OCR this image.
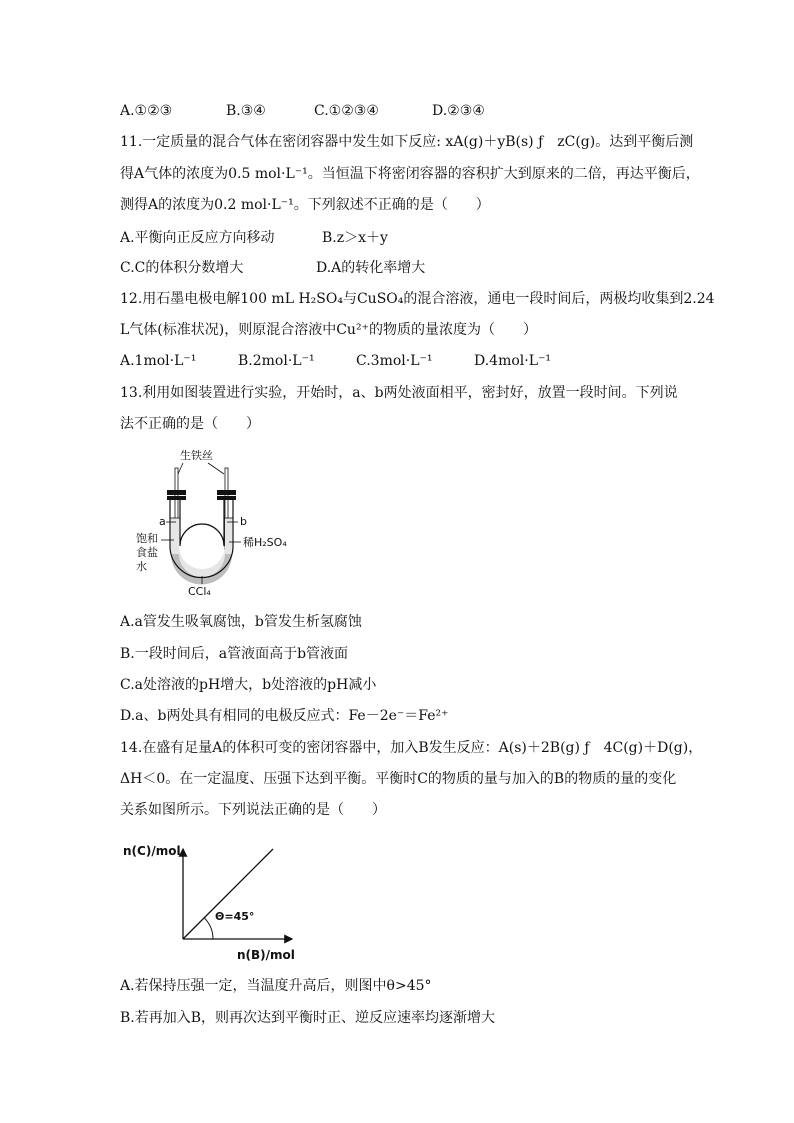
A.①②③	B.③④	C.①②③④	D.②③④
11.一定质量的混合气体在密闭容器中发生如下反应: xA(g)＋yB(s) ƒ　zC(g)。达到平衡后测
得A气体的浓度为0.5 mol·L⁻¹。当恒温下将密闭容器的容积扩大到原来的二倍，再达平衡后，
测得A的浓度为0.2 mol·L⁻¹。下列叙述不正确的是（　　）
A.平衡向正反应方向移动	B.z＞x＋y
C.C的体积分数增大	D.A的转化率增大
12.用石墨电极电解100 mL H₂SO₄与CuSO₄的混合溶液，通电一段时间后，两极均收集到2.24
L气体(标准状况)，则原混合溶液中Cu²⁺的物质的量浓度为（　　）
A.1mol·L⁻¹	B.2mol·L⁻¹	C.3mol·L⁻¹	D.4mol·L⁻¹
13.利用如图装置进行实验，开始时，a、b两处液面相平，密封好，放置一段时间。下列说
法不正确的是（　　）
生铁丝
a	b
饱和
食盐
水
稀H₂SO₄
CCl₄
A.a管发生吸氧腐蚀，b管发生析氢腐蚀
B.一段时间后，a管液面高于b管液面
C.a处溶液的pH增大，b处溶液的pH减小
D.a、b两处具有相同的电极反应式：Fe－2e⁻＝Fe²⁺
14.在盛有足量A的体积可变的密闭容器中，加入B发生反应：A(s)＋2B(g) ƒ　4C(g)＋D(g)，
ΔH＜0。在一定温度、压强下达到平衡。平衡时C的物质的量与加入的B的物质的量的变化
关系如图所示。下列说法正确的是（　　）
n(C)/mol
Θ=45°
n(B)/mol
A.若保持压强一定，当温度升高后，则图中θ>45°
B.若再加入B，则再次达到平衡时正、逆反应速率均逐渐增大
